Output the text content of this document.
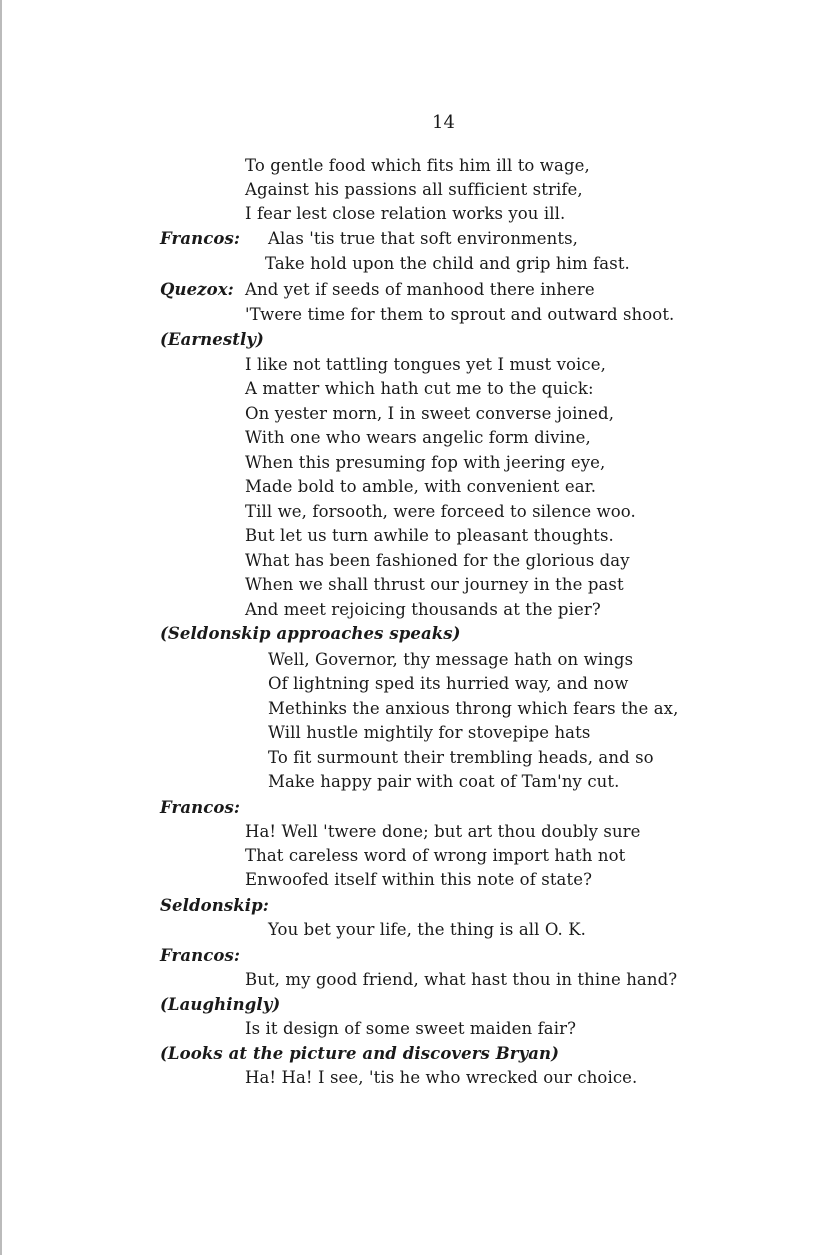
14
To gentle food which fits him ill to wage,
Against his passions all sufficient strife,
I fear lest close relation works you ill.
Francos: Alas 'tis true that soft environments,
Take hold upon the child and grip him fast.
Quezox: And yet if seeds of manhood there inhere
'Twere time for them to sprout and outward shoot.
(Earnestly)
I like not tattling tongues yet I must voice,
A matter which hath cut me to the quick:
On yester morn, I in sweet converse joined,
With one who wears angelic form divine,
When this presuming fop with jeering eye,
Made bold to amble, with convenient ear.
Till we, forsooth, were forceed to silence woo.
But let us turn awhile to pleasant thoughts.
What has been fashioned for the glorious day
When we shall thrust our journey in the past
And meet rejoicing thousands at the pier?
(Seldonskip approaches speaks)
Well, Governor, thy message hath on wings
Of lightning sped its hurried way, and now
Methinks the anxious throng which fears the ax,
Will hustle mightily for stovepipe hats
To fit surmount their trembling heads, and so
Make happy pair with coat of Tam'ny cut.
Francos:
Ha! Well 'twere done; but art thou doubly sure
That careless word of wrong import hath not
Enwoofed itself within this note of state?
Seldonskip:
You bet your life, the thing is all O. K.
Francos:
But, my good friend, what hast thou in thine hand?
(Laughingly)
Is it design of some sweet maiden fair?
(Looks at the picture and discovers Bryan)
Ha! Ha! I see, 'tis he who wrecked our choice.
